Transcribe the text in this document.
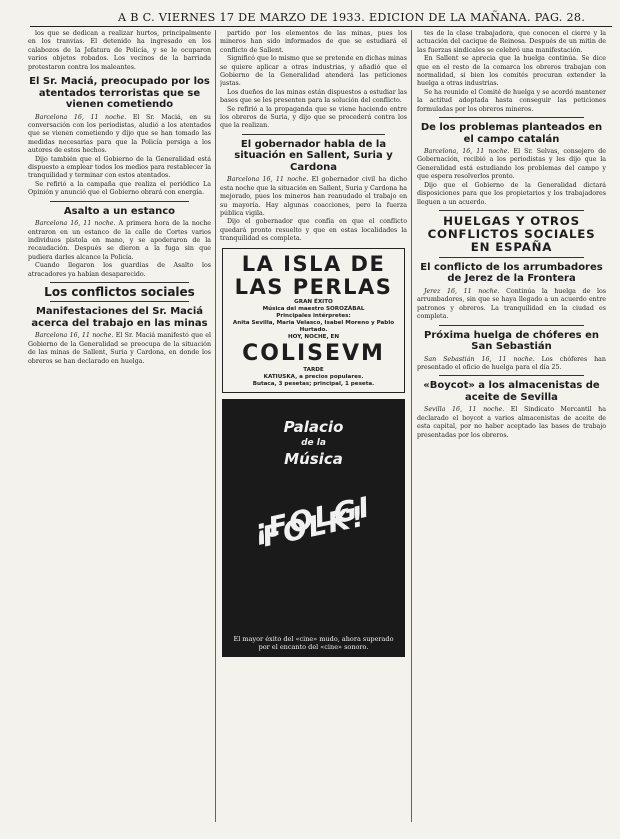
A B C. VIERNES 17 DE MARZO DE 1933. EDICION DE LA MAÑANA. PAG. 28.

los que se dedican a realizar hurtos, principalmente en los tranvías. El detenido ha ingresado en los calabozos de la Jefatura de Policía, y se le ocuparon varios objetos robados. Los vecinos de la barriada protestaron contra los maleantes.

El Sr. Maciá, preocupado por los atentados terroristas que se vienen cometiendo

Barcelona 16, 11 noche. El Sr. Maciá, en su conversación con los periodistas, aludió a los atentados que se vienen cometiendo y dijo que se han tomado las medidas necesarias para que la Policía persiga a los autores de estos hechos.

Dijo también que el Gobierno de la Generalidad está dispuesto a emplear todos los medios para restablecer la tranquilidad y terminar con estos atentados.

Se refirió a la campaña que realiza el periódico La Opinión y anunció que el Gobierno obrará con energía.

Asalto a un estanco

Barcelona 16, 11 noche. A primera hora de la noche entraron en un estanco de la calle de Cortes varios individuos pistola en mano, y se apoderaron de la recaudación. Después se dieron a la fuga sin que pudiera darles alcance la Policía.

Cuando llegaron los guardias de Asalto los atracadores ya habían desaparecido.

Los conflictos sociales
Manifestaciones del Sr. Maciá acerca del trabajo en las minas

Barcelona 16, 11 noche. El Sr. Maciá manifestó que el Gobierno de la Generalidad se preocupa de la situación de las minas de Sallent, Suria y Cardona, en donde los obreros se han declarado en huelga.

partido por los elementos de las minas, pues los mineros han sido informados de que se estudiará el conflicto de Sallent.

Significó que lo mismo que se pretende en dichas minas se quiere aplicar a otras industrias, y añadió que el Gobierno de la Generalidad atenderá las peticiones justas.

Los dueños de las minas están dispuestos a estudiar las bases que se les presenten para la solución del conflicto.

Se refirió a la propaganda que se viene haciendo entre los obreros de Suria, y dijo que se procederá contra los que la realizan.

El gobernador habla de la situación en Sallent, Suria y Cardona

Barcelona 16, 11 noche. El gobernador civil ha dicho esta noche que la situación en Sallent, Suria y Cardona ha mejorado, pues los mineros han reanudado el trabajo en su mayoría. Hay algunas coacciones, pero la fuerza pública vigila.

Dijo el gobernador que confía en que el conflicto quedará pronto resuelto y que en estas localidades la tranquilidad es completa.

LA ISLA DE LAS PERLAS
GRAN ÉXITO
Música del maestro SOROZÁBAL
Principales intérpretes:
Anita Sevilla, Maria Velasco, Isabel Moreno y Pablo Hurtado.
HOY, NOCHE, EN
COLISEVM
TARDE
KATIUSKA, a precios populares.
Butaca, 3 pesetas; principal, 1 peseta.
Palacio
de la
Música
¡FOLGI FOLK!
El mayor éxito del «cine» mudo, ahora superado por el encanto del «cine» sonoro.

tes de la clase trabajadora, que conocen el cierre y la actuación del cacique de Reinosa. Después de un mitin de las fuerzas sindicales se celebró una manifestación.

En Sallent se aprecia que la huelga continúa. Se dice que en el resto de la comarca los obreros trabajan con normalidad, si bien los comités procuran extender la huelga a otras industrias.

Se ha reunido el Comité de huelga y se acordó mantener la actitud adoptada hasta conseguir las peticiones formuladas por los obreros mineros.

De los problemas planteados en el campo catalán

Barcelona, 16, 11 noche. El Sr. Selvas, consejero de Gobernación, recibió a los periodistas y les dijo que la Generalidad está estudiando los problemas del campo y que espera resolverlos pronto.

Dijo que el Gobierno de la Generalidad dictará disposiciones para que los propietarios y los trabajadores lleguen a un acuerdo.

HUELGAS Y OTROS CONFLICTOS SOCIALES EN ESPAÑA
El conflicto de los arrumbadores de Jerez de la Frontera

Jerez 16, 11 noche. Continúa la huelga de los arrumbadores, sin que se haya llegado a un acuerdo entre patronos y obreros. La tranquilidad en la ciudad es completa.

Próxima huelga de chóferes en San Sebastián

San Sebastián 16, 11 noche. Los chóferes han presentado el oficio de huelga para el día 25.

«Boycot» a los almacenistas de aceite de Sevilla

Sevilla 16, 11 noche. El Sindicato Mercantil ha declarado el boycot a varios almacenistas de aceite de esta capital, por no haber aceptado las bases de trabajo presentadas por los obreros.
